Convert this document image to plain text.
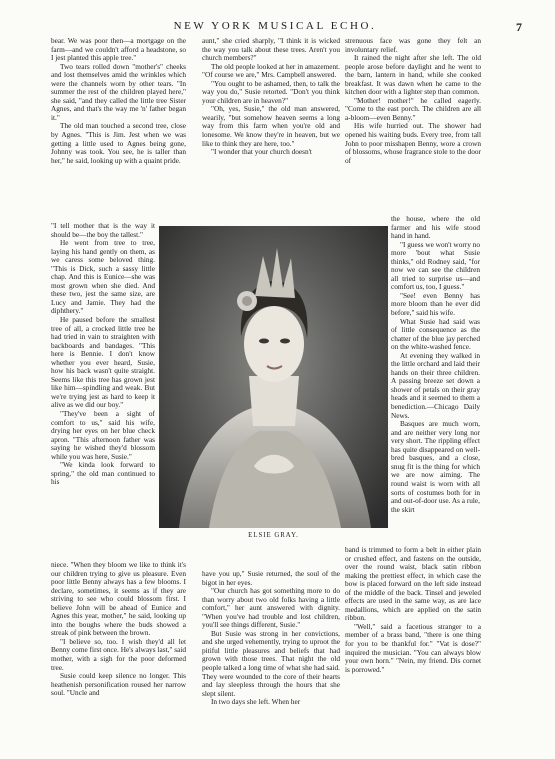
NEW YORK MUSICAL ECHO.	7

bear. We was poor then—a mortgage on the farm—and we couldn't afford a headstone, so I jest planted this apple tree."

Two tears rolled down "mother's" cheeks and lost themselves amid the wrinkles which were the channels worn by other tears. "In summer the rest of the children played here," she said, "and they called the little tree Sister Agnes, and that's the way me 'n' father began it."

The old man touched a second tree, close by Agnes. "This is Jim. Jest when we was getting a little used to Agnes being gone, Johnny was took. You see, he is taller than her," he said, looking up with a quaint pride.

"I tell mother that is the way it should be—the boy the tallest."

He went from tree to tree, laying his hand gently on them, as we caress some beloved thing. "This is Dick, such a sassy little chap. And this is Eunice—she was most grown when she died. And these two, jest the same size, are Lucy and Jamie. They had the diphthery."

He paused before the smallest tree of all, a crocked little tree he had tried in vain to straighten with backboards and bandages. "This here is Bennie. I don't know whether you ever heard, Susie, how his back wasn't quite straight. Seems like this tree has grown jest like him—spindling and weak. But we're trying jest as hard to keep it alive as we did our boy."

"They've been a sight of comfort to us," said his wife, drying her eyes on her blue check apron. "This afternoon father was saying he wished they'd blossom while you was here, Susie."

"We kinda look forward to spring," the old man continued to his

niece. "When they bloom we like to think it's our children trying to give us pleasure. Even poor little Benny always has a few blooms. I declare, sometimes, it seems as if they are striving to see who could blossom first. I believe John will be ahead of Eunice and Agnes this year, mother," he said, looking up into the boughs where the buds showed a streak of pink between the brown.

"I believe so, too. I wish they'd all let Benny come first once. He's always last," said mother, with a sigh for the poor deformed tree.

Susie could keep silence no longer. This heathenish personification roused her narrow soul. "Uncle and

aunt," she cried sharply, "I think it is wicked the way you talk about these trees. Aren't you church members?"

The old people looked at her in amazement. "Of course we are," Mrs. Campbell answered.

"You ought to be ashamed, then, to talk the way you do," Susie retorted. "Don't you think your children are in heaven?"

"Oh, yes, Susie," the old man answered, wearily, "but somehow heaven seems a long way from this farm when you're old and lonesome. We know they're in heaven, but we like to think they are here, too."

"I wonder that your church doesn't

ELSIE GRAY.

have you up," Susie returned, the soul of the bigot in her eyes.

"Our church has got something more to do than worry about two old folks having a little comfort," her aunt answered with dignity. "When you've had trouble and lost children, you'll see things different, Susie."

But Susie was strong in her convictions, and she urged vehemently, trying to uproot the pitiful little pleasures and beliefs that had grown with those trees. That night the old people talked a long time of what she had said. They were wounded to the core of their hearts and lay sleepless through the hours that she slept silent.

In two days she left. When her

strenuous face was gone they felt an involuntary relief.

It rained the night after she left. The old people arose before daylight and he went to the barn, lantern in hand, while she cooked breakfast. It was dawn when he came to the kitchen door with a lighter step than common.

"Mother! mother!" he called eagerly. "Come to the east porch. The children are all a-bloom—even Benny."

His wife hurried out. The shower had opened his waiting buds. Every tree, from tall John to poor misshapen Benny, wore a crown of blossoms, whose fragrance stole to the door of

the house, where the old farmer and his wife stood hand in hand.

"I guess we won't worry no more 'bout what Susie thinks," old Rodney said, "for now we can see the children all tried to surprise us—and comfort us, too, I guess."

"See! even Benny has more bloom than he ever did before," said his wife.

What Susie had said was of little consequence as the chatter of the blue jay perched on the white-washed fence.

At evening they walked in the little orchard and laid their hands on their three children. A passing breeze set down a shower of petals on their gray heads and it seemed to them a benediction.—Chicago Daily News.

Basques are much worn, and are neither very long nor very short. The rippling effect has quite disappeared on well-bred basques, and a close, snug fit is the thing for which we are now aiming. The round waist is worn with all sorts of costumes both for in and out-of-door use. As a rule, the skirt

band is trimmed to form a belt in either plain or crushed effect, and fastens on the outside, over the round waist, black satin ribbon making the prettiest effect, in which case the bow is placed forward on the left side instead of the middle of the back. Tinsel and jeweled effects are used in the same way, as are lace medallions, which are applied on the satin ribbon.

"Well," said a facetious stranger to a member of a brass band, "there is one thing for you to be thankful for." "Vat is dose?" inquired the musician. "You can always blow your own horn." "Nein, my friend. Dis cornet is porrowed."
